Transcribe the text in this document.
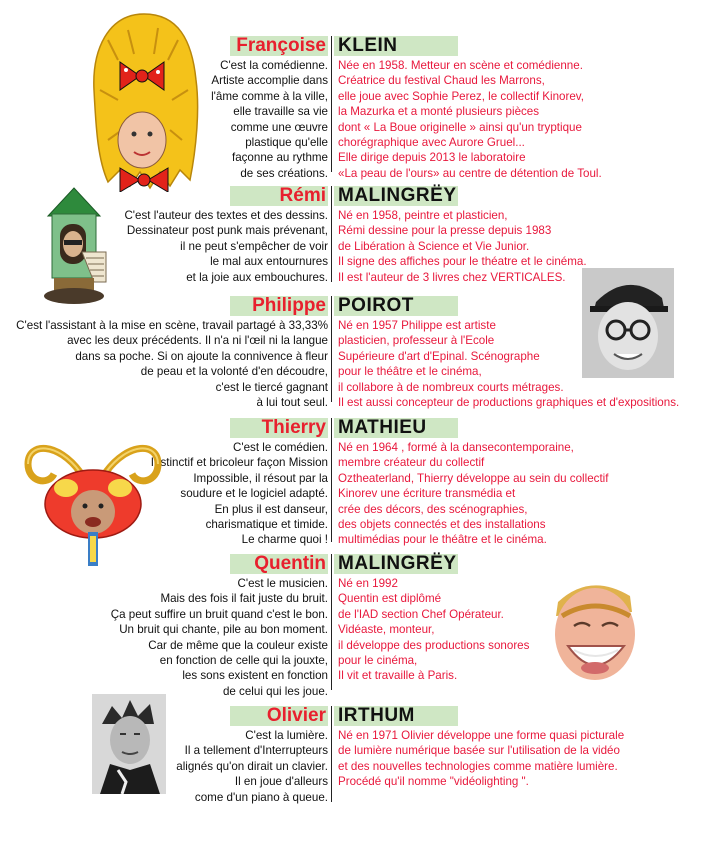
Françoise KLEIN
C'est la comédienne.
Artiste accomplie dans
l'âme comme à la ville,
elle travaille sa vie
comme une œuvre
plastique qu'elle
façonne au rythme
de ses créations.
Née en 1958. Metteur en scène et comédienne.
Créatrice du festival Chaud les Marrons,
elle joue avec Sophie Perez, le collectif Kinorev,
la Mazurka et a monté plusieurs pièces
dont « La Boue originelle » ainsi qu'un tryptique
chorégraphique avec Aurore Gruel...
Elle dirige depuis 2013 le laboratoire
«La peau de l'ours» au centre de détention de Toul.
Rémi MALINGRËY
C'est l'auteur des textes et des dessins.
Dessinateur post punk mais prévenant,
il ne peut s'empêcher de voir
le mal aux entournures
et la joie aux embouchures.
Né en 1958, peintre et plasticien,
Rémi dessine pour la presse depuis 1983
de Libération à Science et Vie Junior.
Il signe des affiches pour le théatre et le cinéma.
Il est l'auteur de 3 livres chez VERTICALES.
Philippe POIROT
C'est l'assistant à la mise en scène, travail partagé à 33,33%
avec les deux précédents. Il n'a ni l'œil ni la langue
dans sa poche. Si on ajoute la connivence à fleur
de peau et la volonté d'en découdre,
c'est le tiercé gagnant
à lui tout seul.
Né en 1957 Philippe est artiste
plasticien, professeur à l'Ecole
Supérieure d'art d'Epinal. Scénographe
pour le théâtre et le cinéma,
il collabore à de nombreux courts métrages.
Il est aussi concepteur de productions graphiques et d'expositions.
Thierry MATHIEU
C'est le comédien.
Instinctif et bricoleur façon Mission
Impossible, il résout par la
soudure et le logiciel adapté.
En plus il est danseur,
charismatique et timide.
Le charme quoi !
Né en 1964 , formé à la dansecontemporaine,
membre créateur du collectif
Oztheaterland, Thierry développe au sein du collectif
Kinorev une écriture transmédia et
crée des décors, des scénographies,
des objets connectés et des installations
multimédias pour le théâtre et le cinéma.
Quentin MALINGRËY
C'est le musicien.
Mais des fois il fait juste du bruit.
Ça peut suffire un bruit quand c'est le bon.
Un bruit qui chante, pile au bon moment.
Car de même que la couleur existe
en fonction de celle qui la jouxte,
les sons existent en fonction
de celui qui les joue.
Né en 1992
Quentin est diplômé
de l'IAD section Chef Opérateur.
Vidéaste, monteur,
il développe des productions sonores
pour le cinéma,
Il vit et travaille à Paris.
Olivier IRTHUM
C'est la lumière.
Il a tellement d'Interrupteurs
alignés qu'on dirait un clavier.
Il en joue d'alleurs
come d'un piano à queue.
Né en 1971 Olivier développe une forme quasi picturale
de lumière numérique basée sur l'utilisation de la vidéo
et des nouvelles technologies comme matière lumière.
Procédé qu'il nomme "vidéolighting ".
